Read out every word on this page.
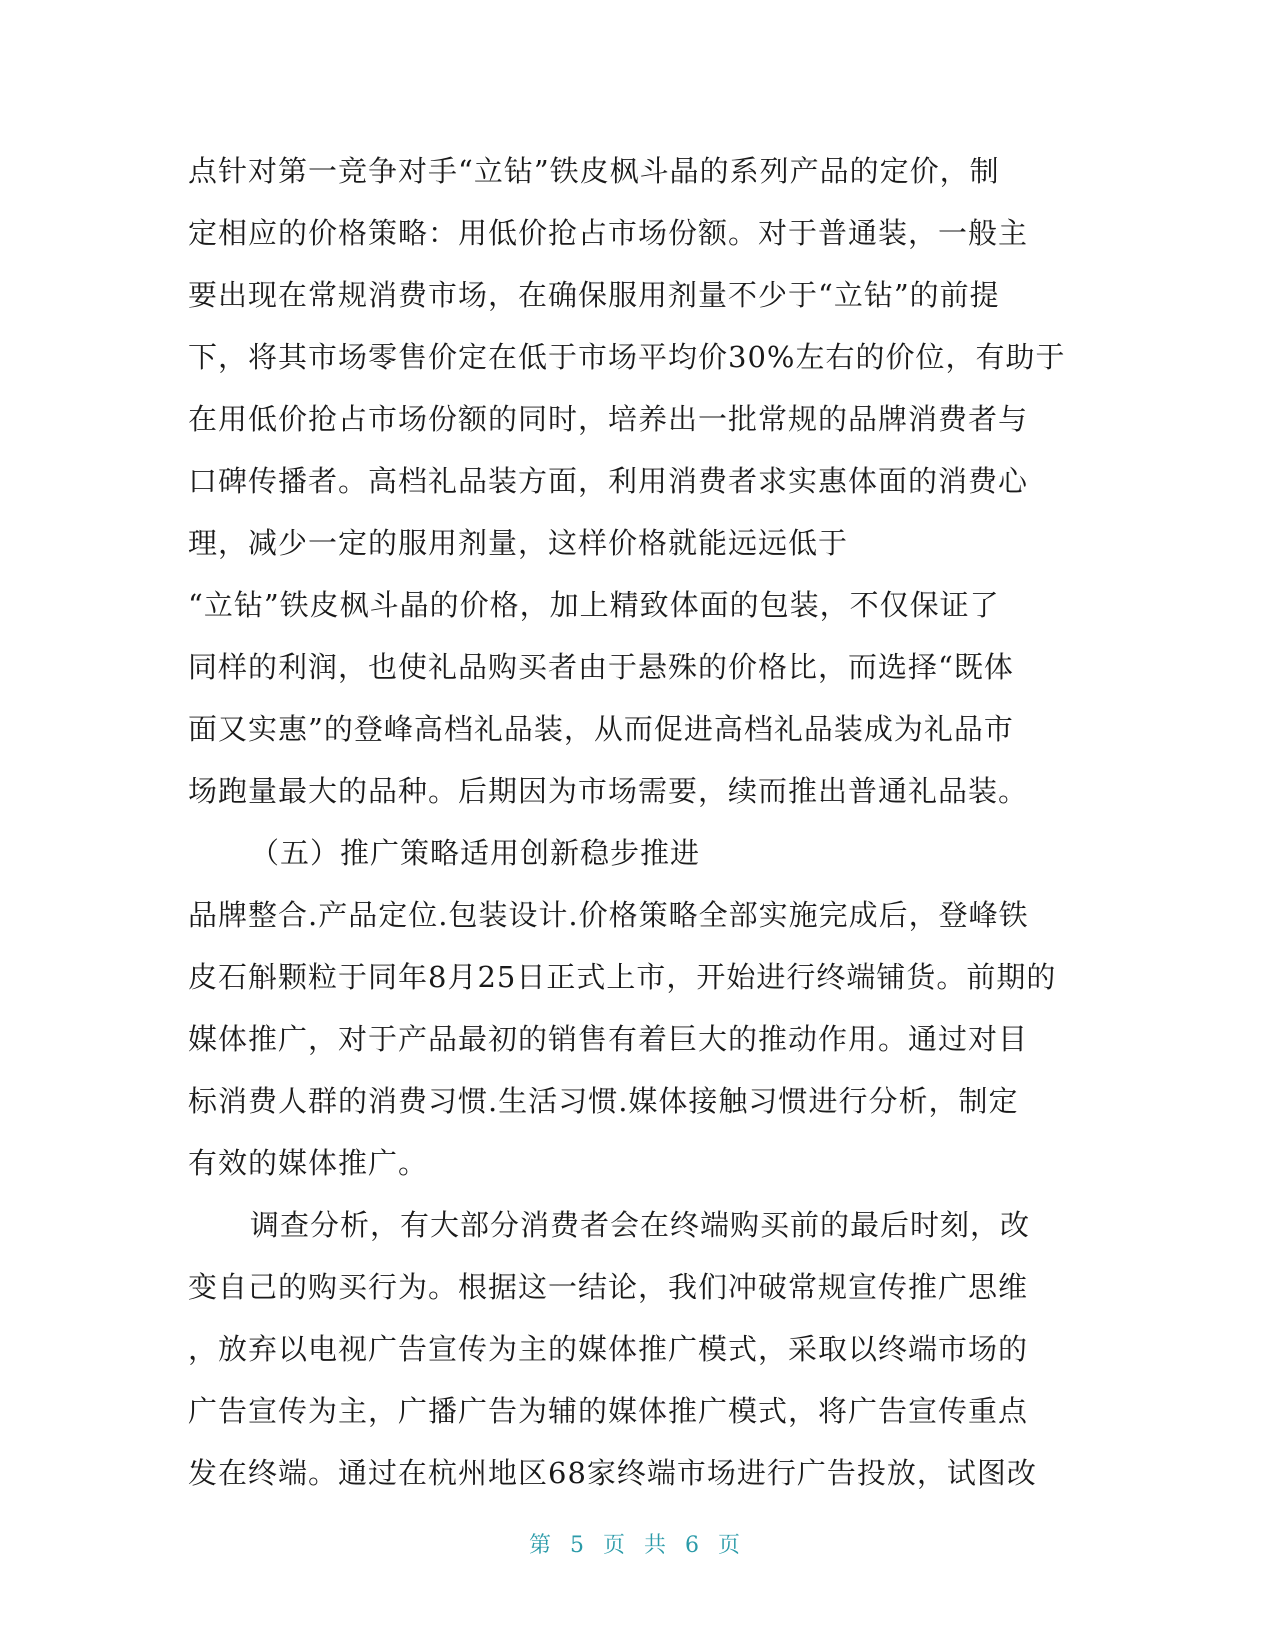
点针对第一竞争对手“立钻”铁皮枫斗晶的系列产品的定价，制
定相应的价格策略：用低价抢占市场份额。对于普通装，一般主
要出现在常规消费市场，在确保服用剂量不少于“立钻”的前提
下，将其市场零售价定在低于市场平均价30%左右的价位，有助于
在用低价抢占市场份额的同时，培养出一批常规的品牌消费者与
口碑传播者。高档礼品装方面，利用消费者求实惠体面的消费心
理，减少一定的服用剂量，这样价格就能远远低于
“立钻”铁皮枫斗晶的价格，加上精致体面的包装，不仅保证了
同样的利润，也使礼品购买者由于悬殊的价格比，而选择“既体
面又实惠”的登峰高档礼品装，从而促进高档礼品装成为礼品市
场跑量最大的品种。后期因为市场需要，续而推出普通礼品装。
（五）推广策略适用创新稳步推进
品牌整合.产品定位.包装设计.价格策略全部实施完成后，登峰铁
皮石斛颗粒于同年8月25日正式上市，开始进行终端铺货。前期的
媒体推广，对于产品最初的销售有着巨大的推动作用。通过对目
标消费人群的消费习惯.生活习惯.媒体接触习惯进行分析，制定
有效的媒体推广。
调查分析，有大部分消费者会在终端购买前的最后时刻，改
变自己的购买行为。根据这一结论，我们冲破常规宣传推广思维
，放弃以电视广告宣传为主的媒体推广模式，采取以终端市场的
广告宣传为主，广播广告为辅的媒体推广模式，将广告宣传重点
发在终端。通过在杭州地区68家终端市场进行广告投放，试图改
第 5 页 共 6 页
